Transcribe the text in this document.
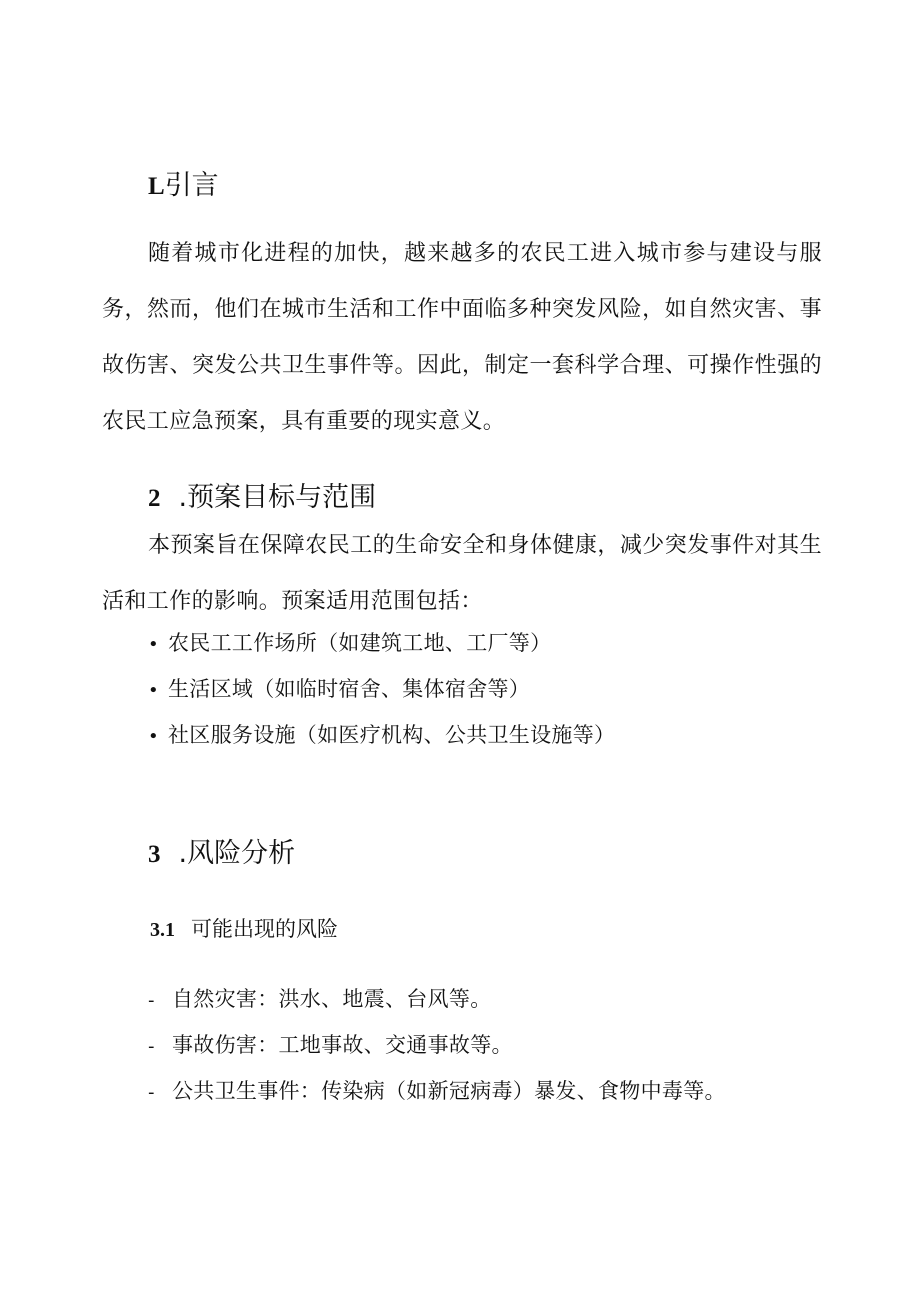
L引言

随着城市化进程的加快，越来越多的农民工进入城市参与建设与服务，然而，他们在城市生活和工作中面临多种突发风险，如自然灾害、事故伤害、突发公共卫生事件等。因此，制定一套科学合理、可操作性强的农民工应急预案，具有重要的现实意义。

2 .预案目标与范围

本预案旨在保障农民工的生命安全和身体健康，减少突发事件对其生活和工作的影响。预案适用范围包括：

• 农民工工作场所（如建筑工地、工厂等）
• 生活区域（如临时宿舍、集体宿舍等）
• 社区服务设施（如医疗机构、公共卫生设施等）
3 .风险分析
3.1 可能出现的风险
- 自然灾害：洪水、地震、台风等。
- 事故伤害：工地事故、交通事故等。
- 公共卫生事件：传染病（如新冠病毒）暴发、食物中毒等。
